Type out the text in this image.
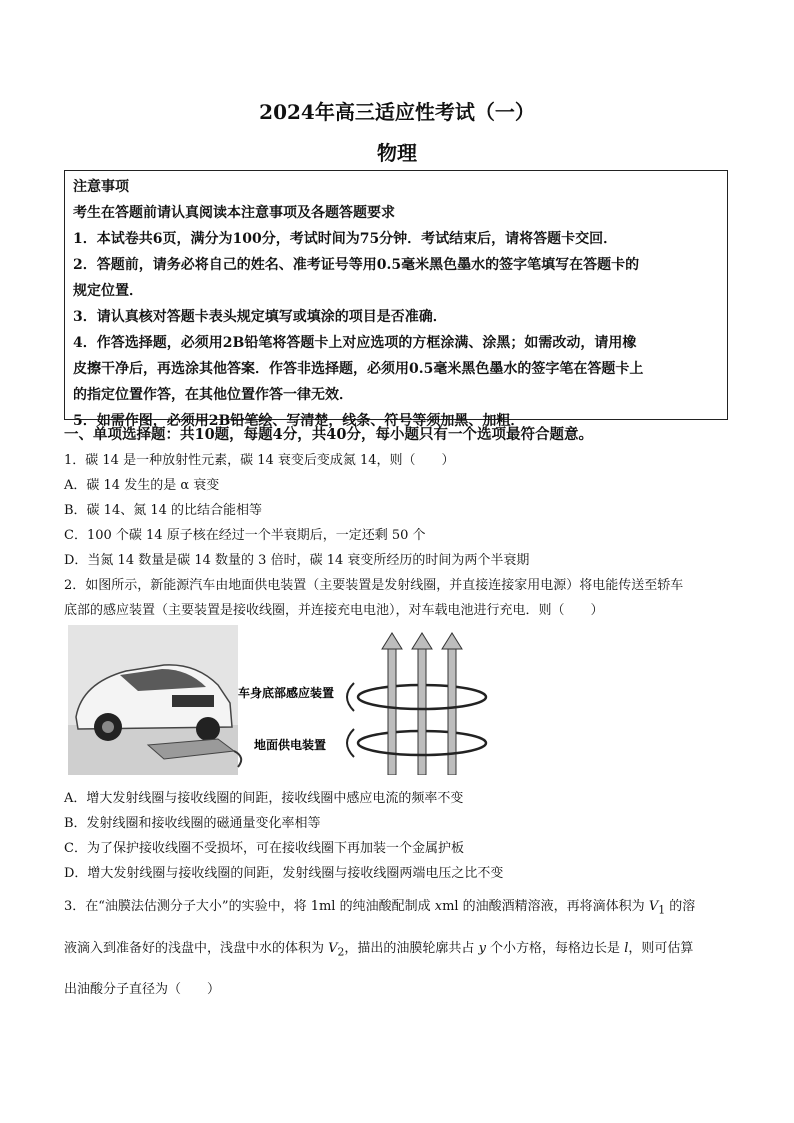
2024年高三适应性考试（一）
物理

注意事项

考生在答题前请认真阅读本注意事项及各题答题要求

1．本试卷共6页，满分为100分，考试时间为75分钟．考试结束后，请将答题卡交回．

2．答题前，请务必将自己的姓名、准考证号等用0.5毫米黑色墨水的签字笔填写在答题卡的

规定位置．

3．请认真核对答题卡表头规定填写或填涂的项目是否准确．

4．作答选择题，必须用2B铅笔将答题卡上对应选项的方框涂满、涂黑；如需改动，请用橡

皮擦干净后，再选涂其他答案．作答非选择题，必须用0.5毫米黑色墨水的签字笔在答题卡上

的指定位置作答，在其他位置作答一律无效．

5．如需作图，必须用2B铅笔绘、写清楚，线条、符号等须加黑、加粗．

一、单项选择题：共10题，每题4分，共40分，每小题只有一个选项最符合题意。

1．碳 14 是一种放射性元素，碳 14 衰变后变成氮 14，则（　　）

A．碳 14 发生的是 α 衰变

B．碳 14、氮 14 的比结合能相等

C．100 个碳 14 原子核在经过一个半衰期后，一定还剩 50 个

D．当氮 14 数量是碳 14 数量的 3 倍时，碳 14 衰变所经历的时间为两个半衰期

2．如图所示，新能源汽车由地面供电装置（主要装置是发射线圈，并直接连接家用电源）将电能传送至轿车

底部的感应装置（主要装置是接收线圈，并连接充电电池），对车载电池进行充电．则（　　）

车身底部感应装置
地面供电装置

A．增大发射线圈与接收线圈的间距，接收线圈中感应电流的频率不变

B．发射线圈和接收线圈的磁通量变化率相等

C．为了保护接收线圈不受损坏，可在接收线圈下再加装一个金属护板

D．增大发射线圈与接收线圈的间距，发射线圈与接收线圈两端电压之比不变

3．在“油膜法估测分子大小”的实验中，将 1ml 的纯油酸配制成 xml 的油酸酒精溶液，再将滴体积为 $V_1$ 的溶

液滴入到准备好的浅盘中，浅盘中水的体积为 $V_2$，描出的油膜轮廓共占 y 个小方格，每格边长是 l，则可估算

出油酸分子直径为（　　）
